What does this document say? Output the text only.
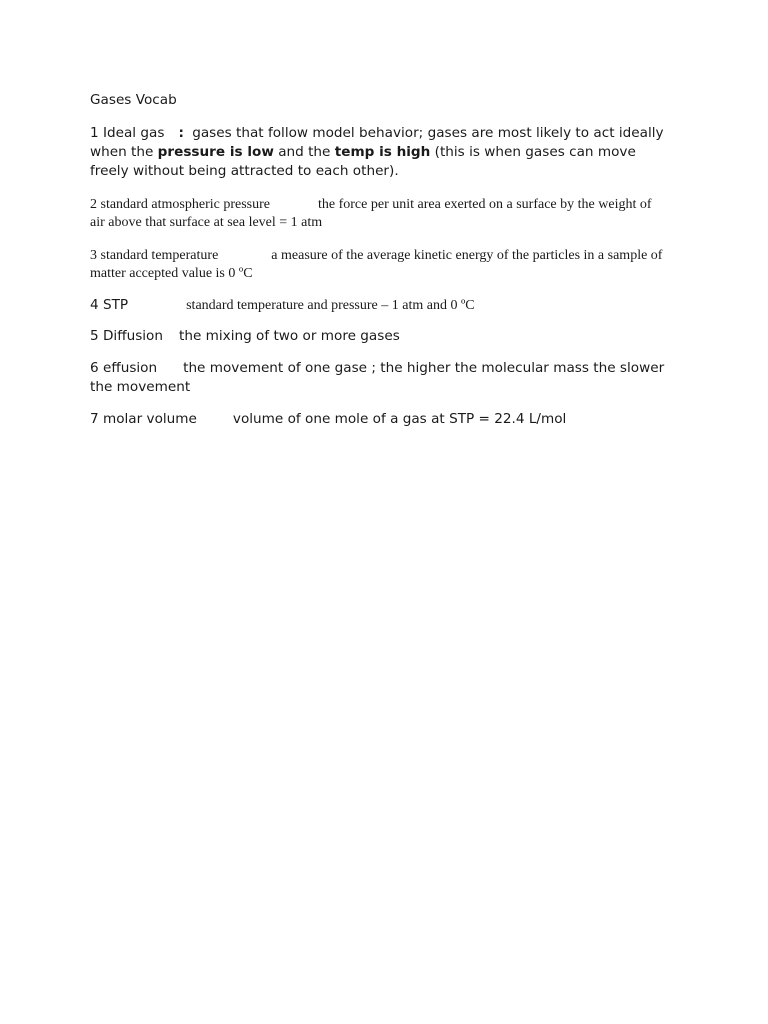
Gases Vocab
1 Ideal gas : gases that follow model behavior; gases are most likely to act ideally
when the pressure is low and the temp is high (this is when gases can move
freely without being attracted to each other).
2 standard atmospheric pressure	the force per unit area exerted on a surface by the weight of
air above that surface at sea level = 1 atm
3 standard temperature	a measure of the average kinetic energy of the particles in a sample of
matter accepted value is 0 ºC
4 STP	standard temperature and pressure – 1 atm and 0 ºC
5 Diffusion the mixing of two or more gases
6 effusion the movement of one gase ; the higher the molecular mass the slower
the movement
7 molar volume	volume of one mole of a gas at STP = 22.4 L/mol
